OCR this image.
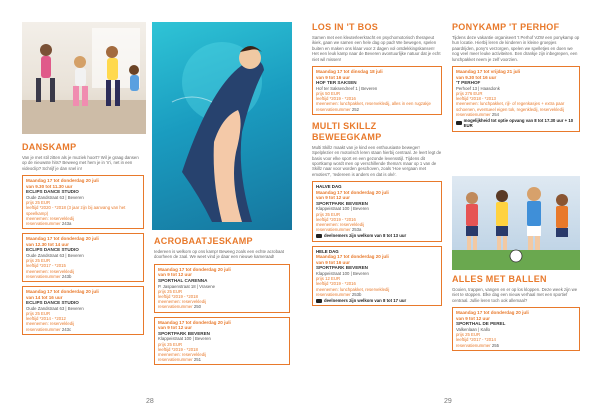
DANSKAMP
Van je met stil zitten als je muziek hoort? Wil je graag dansen op de nieuwste hits? Beweeg met hem je in 'n'i, net in een videoclip? Schrijf je dan snel in!
Maandag 17 tot donderdag 20 juli
van 9.30 tot 11.30 uur
ECLIPS DANCE STUDIO
Oude Zandstraat 63 | Beveren
prijs 25 EUR
leeftijd *2020 - *2018 (3 jaar zijn bij aanvang van het speelkamp)
meenemen: reservekledij
reservatienummer 243a
Maandag 17 tot donderdag 20 juli
van 12.30 tot 14 uur
ECLIPS DANCE STUDIO
Oude Zandstraat 63 | Beveren
prijs 25 EUR
leeftijd *2017 - *2015
meenemen: reservekledij
reservatienummer 243b
Maandag 17 tot donderdag 20 juli
van 14 tot 16 uur
ECLIPS DANCE STUDIO
Oude Zandstraat 63 | Beveren
prijs 25 EUR
leeftijd *2014 - *2012
meenemen: reservekledij
reservatienummer 243c
ACROBAATJESKAMP
Iedereen is welkom op ons kamp! Beweeg zoals een echte acrobaat doorheen de zaal. We weet vind je daar een nieuwe kameraad!
Maandag 17 tot donderdag 20 juli
van 9 tot 12 uur
SPORTHAL CARENNA
P. Jaspaenstraat 18 | Vrasene
prijs 25 EUR
leeftijd *2019 - *2018
meenemen: reservekledij
reservatienummer 250
Maandag 17 tot donderdag 20 juli
van 9 tot 12 uur
SPORTPARK BEVEREN
Klappeistraat 100 | Beveren
prijs 25 EUR
leeftijd *2019 - *2018
meenemen: reservekledij
reservatienummer 251
28
LOS IN 'T BOS
Samen met een kleuterleerkracht en psychomotorisch therapeut ikiek, gaan we samen een hele dag op pad! We bewegen, spelen buiten en maken ons klaar voor 2 dagen vol ontdekkingskansen! Het een leuk kamp naar de Beveren avontuurlijke natuur dat je echt niet wil missen!
Maandag 17 tot dinsdag 18 juli
van 9 tot 16 uur
HOF TER SAKSEN
Hof ter Saksendreef 1 | Beveren
prijs 50 EUR
leeftijd *2019 - *2016
meenemen: lunchpakket, reservekledij, alles in een rugzakje
reservatienummer 252
MULTI SKILLZ BEWEEGKAMP
Multi Skillz maakt van je kind een enthousiaste beweger! Spelplezier en motorisch leren staan hierbij centraal. Je leert legt de basis voor elke sport en een gezonde levensstijl. Tijdens dit sportkamp wordt men op verschillende thema's maar op 1 van de Skillz naar voor worden geschoven, zoals 'Hoe vergaan met emoties?', 'Iedereen is anders en dat is oké'.
HALVE DAG
Maandag 17 tot donderdag 20 juli
van 9 tot 12 uur
SPORTPARK BEVEREN
Klappeistraat 100 | Beveren
prijs 35 EUR
leeftijd *2019 - *2016
meenemen: reservekledij
reservatienummer 253a
deelnemers zijn welkom van 8 tot 13 uur
HELE DAG
Maandag 17 tot donderdag 20 juli
van 9 tot 16 uur
SPORTPARK BEVEREN
Klappeistraat 100 | Beveren
prijs 12 EUR
leeftijd *2019 - *2016
meenemen: lunchpakket, reservekledij
reservatienummer 253b
deelnemers zijn welkom van 8 tot 17 uur
PONYKAMP 'T PERHOF
Tijdens deze vakantie organiseert 't Perhof VZW een ponykamp op hun locatie. Hierbij leren de kinderen in kleine groepjes paardrijden, pony's verzorgen, spelen we spelletjes en doen we nog veel meer leuke activiteiten. Een drankje zijn inbegrepen, een lunchpakket neem je zelf voorzien.
Maandag 17 tot vrijdag 21 juli
van 9.30 tot 16 uur
'T PERHOF
Perhoef 13 | Haasdonk
prijs 276 EUR
leeftijd *2018 - *2013
meenemen: lunchpakket, rijl- of regenkasjes + extra paar schoenen, eventueel eigen tok, regenkledij, reservekledij
reservatienummer 254
mogelijkheid tot optie opvang van 8 tot 17.30 uur + 10 EUR
ALLES MET BALLEN
Gooien, trappen, vangen en er op los kloppen. Deze week zijn we niet te stoppen. Elke dag een nieuw verhaal met een sportief centraal. Jullie leren toch ook allemaal?
Maandag 17 tot donderdag 20 juli
van 9 tot 12 uur
SPORTHAL DE PEREL
Valkenlaan | Kallo
prijs 25 EUR
leeftijd *2017 - *2014
reservatienummer 255
29
